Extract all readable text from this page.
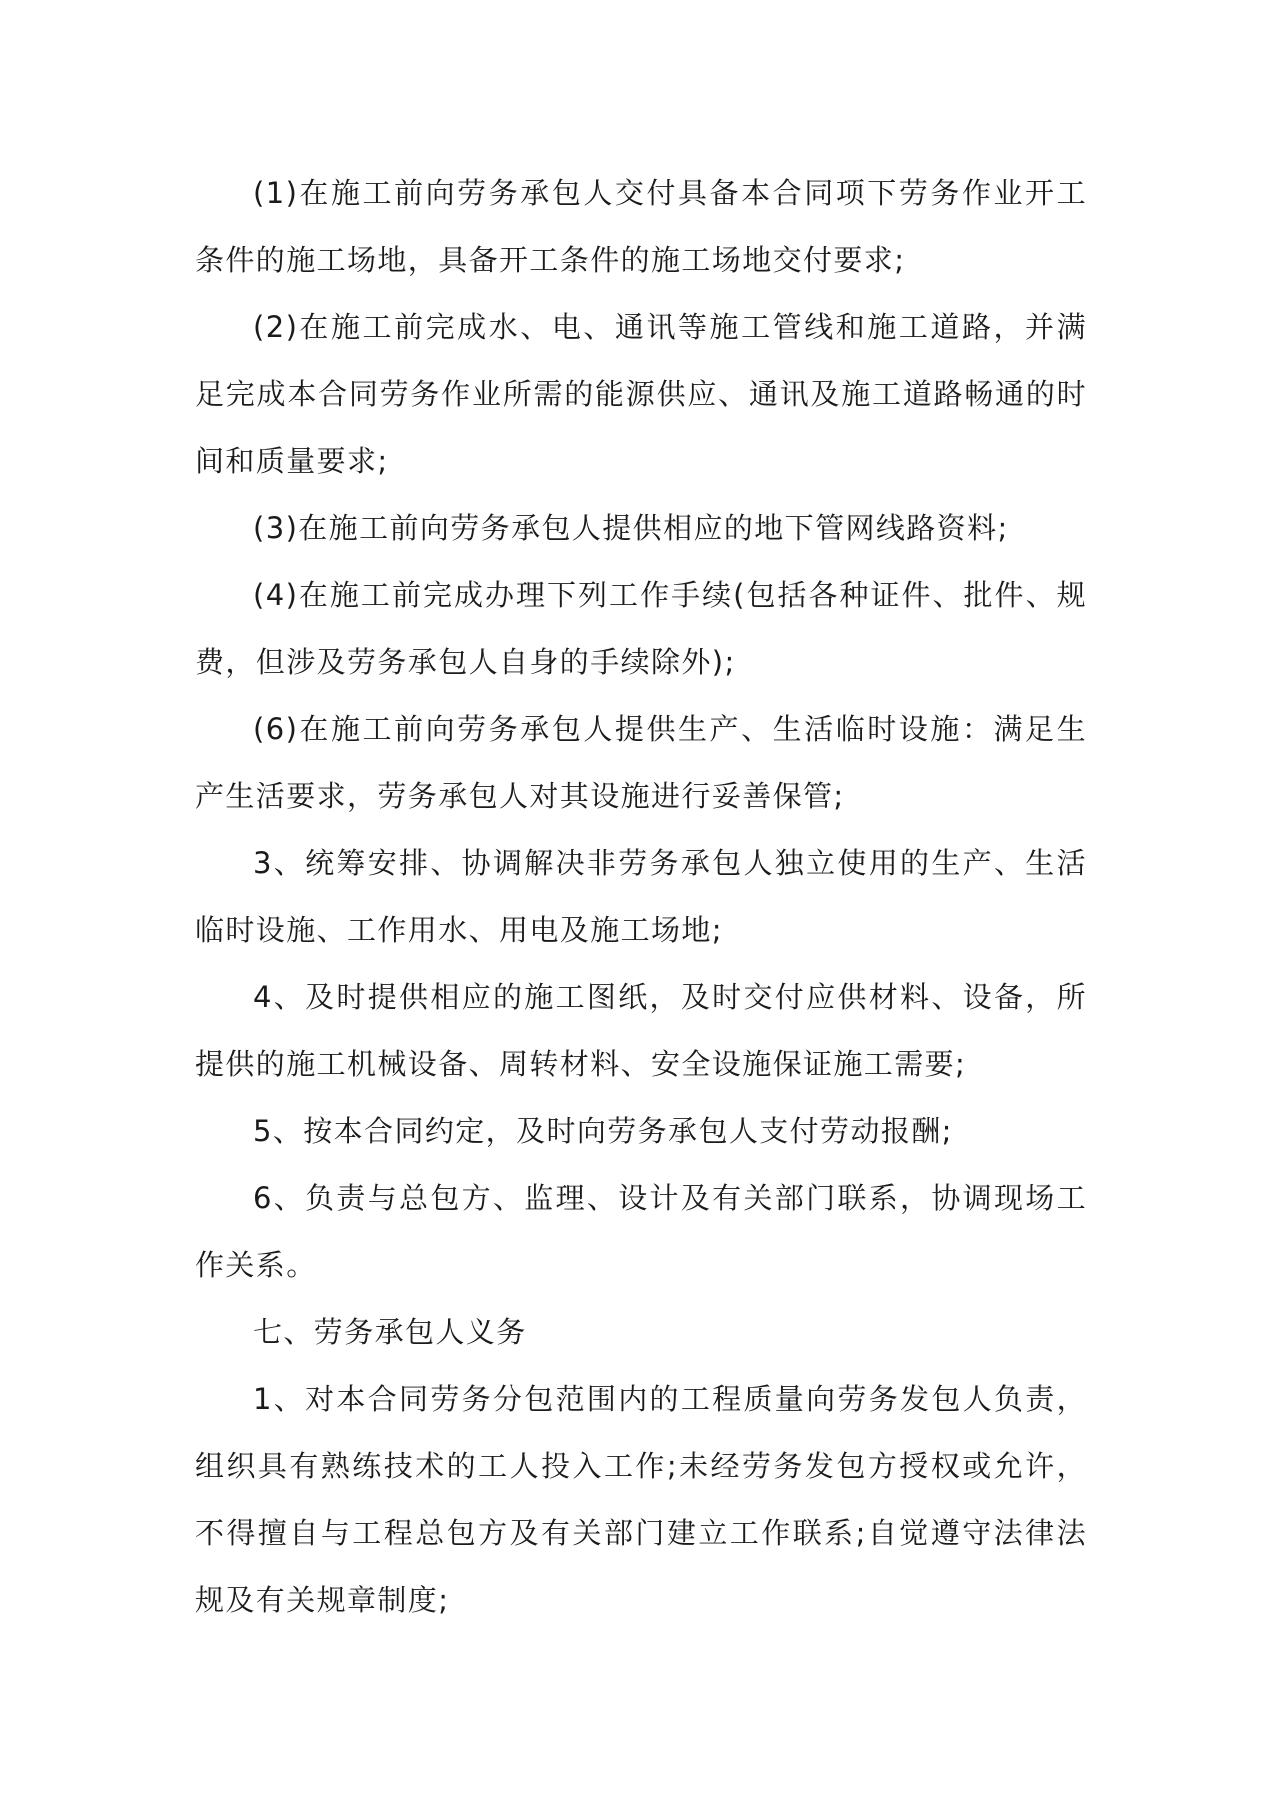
(1)在施工前向劳务承包人交付具备本合同项下劳务作业开工条件的施工场地，具备开工条件的施工场地交付要求;

(2)在施工前完成水、电、通讯等施工管线和施工道路，并满足完成本合同劳务作业所需的能源供应、通讯及施工道路畅通的时间和质量要求;

(3)在施工前向劳务承包人提供相应的地下管网线路资料;

(4)在施工前完成办理下列工作手续(包括各种证件、批件、规费，但涉及劳务承包人自身的手续除外);

(6)在施工前向劳务承包人提供生产、生活临时设施：满足生产生活要求，劳务承包人对其设施进行妥善保管;

3、统筹安排、协调解决非劳务承包人独立使用的生产、生活临时设施、工作用水、用电及施工场地;

4、及时提供相应的施工图纸，及时交付应供材料、设备，所提供的施工机械设备、周转材料、安全设施保证施工需要;

5、按本合同约定，及时向劳务承包人支付劳动报酬;

6、负责与总包方、监理、设计及有关部门联系，协调现场工作关系。

七、劳务承包人义务

1、对本合同劳务分包范围内的工程质量向劳务发包人负责，组织具有熟练技术的工人投入工作;未经劳务发包方授权或允许，不得擅自与工程总包方及有关部门建立工作联系;自觉遵守法律法规及有关规章制度;
